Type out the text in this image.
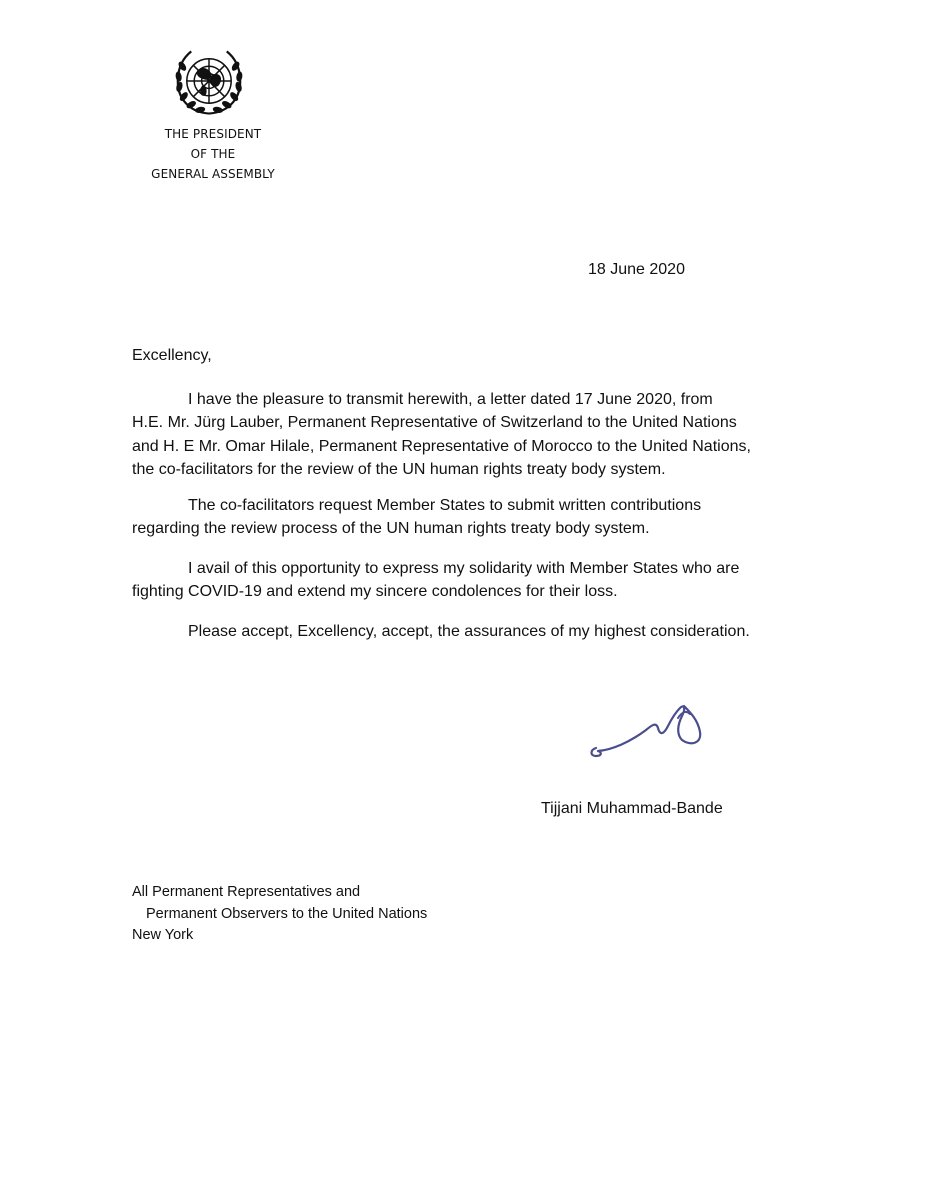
THE PRESIDENT
OF THE
GENERAL ASSEMBLY
18 June 2020
Excellency,
I have the pleasure to transmit herewith, a letter dated 17 June 2020, from
H.E. Mr. Jürg Lauber, Permanent Representative of Switzerland to the United Nations
and H. E Mr. Omar Hilale, Permanent Representative of Morocco to the United Nations,
the co-facilitators for the review of the UN human rights treaty body system.
The co-facilitators request Member States to submit written contributions
regarding the review process of the UN human rights treaty body system.
I avail of this opportunity to express my solidarity with Member States who are
fighting COVID-19 and extend my sincere condolences for their loss.
Please accept, Excellency, accept, the assurances of my highest consideration.
Tijjani Muhammad-Bande
All Permanent Representatives and
Permanent Observers to the United Nations
New York
